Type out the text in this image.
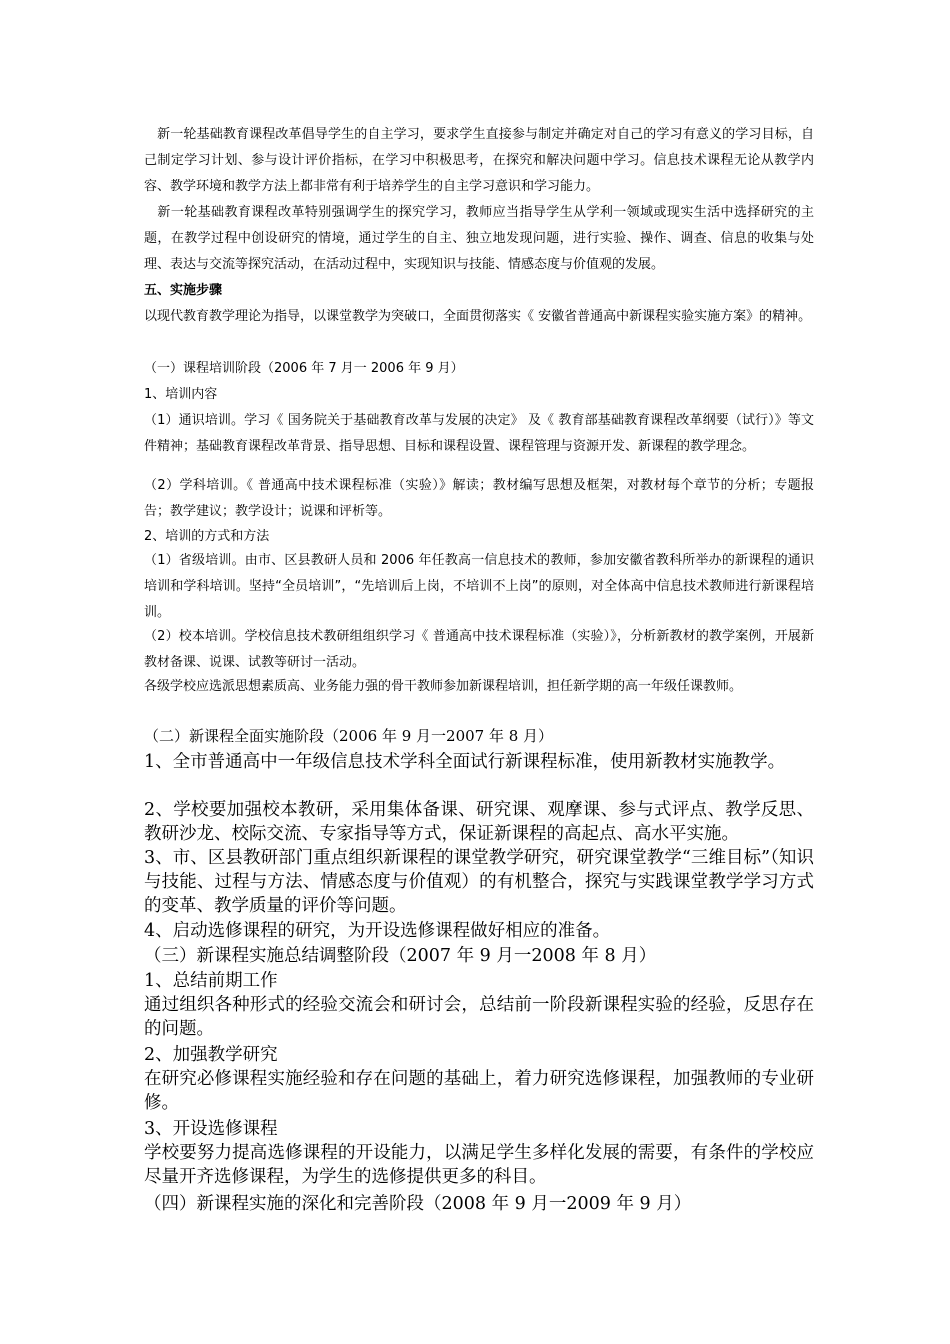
　新一轮基础教育课程改革倡导学生的自主学习，要求学生直接参与制定并确定对自己的学习有意义的学习目标，自己制定学习计划、参与设计评价指标，在学习中积极思考，在探究和解决问题中学习。信息技术课程无论从教学内容、教学环境和教学方法上都非常有利于培养学生的自主学习意识和学习能力。

　新一轮基础教育课程改革特别强调学生的探究学习，教师应当指导学生从学利一领域或现实生活中选择研究的主题，在教学过程中创设研究的情境，通过学生的自主、独立地发现问题，进行实验、操作、调查、信息的收集与处理、表达与交流等探究活动，在活动过程中，实现知识与技能、情感态度与价值观的发展。

五、实施步骤

以现代教育教学理论为指导，以课堂教学为突破口，全面贯彻落实《 安徽省普通高中新课程实验实施方案》的精神。

（一）课程培训阶段（2006 年 7 月一 2006 年 9 月）

1、培训内容

（1）通识培训。学习《 国务院关于基础教育改革与发展的决定》 及《 教育部基础教育课程改革纲要（试行）》等文件精神；基础教育课程改革背景、指导思想、目标和课程设置、课程管理与资源开发、新课程的教学理念。

（2）学科培训。《 普通高中技术课程标准（实验）》解读；教材编写思想及框架，对教材每个章节的分析；专题报告；教学建议；教学设计；说课和评析等。

2、培训的方式和方法

（1）省级培训。由市、区县教研人员和 2006 年任教高一信息技术的教师，参加安徽省教科所举办的新课程的通识培训和学科培训。坚持“全员培训”，“先培训后上岗，不培训不上岗”的原则，对全体高中信息技术教师进行新课程培训。

（2）校本培训。学校信息技术教研组组织学习《 普通高中技术课程标准（实验）》，分析新教材的教学案例，开展新教材备课、说课、试教等研讨一活动。

各级学校应选派思想素质高、业务能力强的骨干教师参加新课程培训，担任新学期的高一年级任课教师。

（二）新课程全面实施阶段（2006 年 9 月一2007 年 8 月）

1、全市普通高中一年级信息技术学科全面试行新课程标准，使用新教材实施教学。

2、学校要加强校本教研，采用集体备课、研究课、观摩课、参与式评点、教学反思、教研沙龙、校际交流、专家指导等方式，保证新课程的高起点、高水平实施。

3、市、区县教研部门重点组织新课程的课堂教学研究，研究课堂教学“三维目标”（知识与技能、过程与方法、情感态度与价值观）的有机整合，探究与实践课堂教学学习方式的变革、教学质量的评价等问题。

4、启动选修课程的研究，为开设选修课程做好相应的准备。

（三）新课程实施总结调整阶段（2007 年 9 月一2008 年 8 月）

1、总结前期工作

通过组织各种形式的经验交流会和研讨会，总结前一阶段新课程实验的经验，反思存在的问题。

2、加强教学研究

在研究必修课程实施经验和存在问题的基础上，着力研究选修课程，加强教师的专业研修。

3、开设选修课程

学校要努力提高选修课程的开设能力，以满足学生多样化发展的需要，有条件的学校应尽量开齐选修课程，为学生的选修提供更多的科目。

（四）新课程实施的深化和完善阶段（2008 年 9 月一2009 年 9 月）
